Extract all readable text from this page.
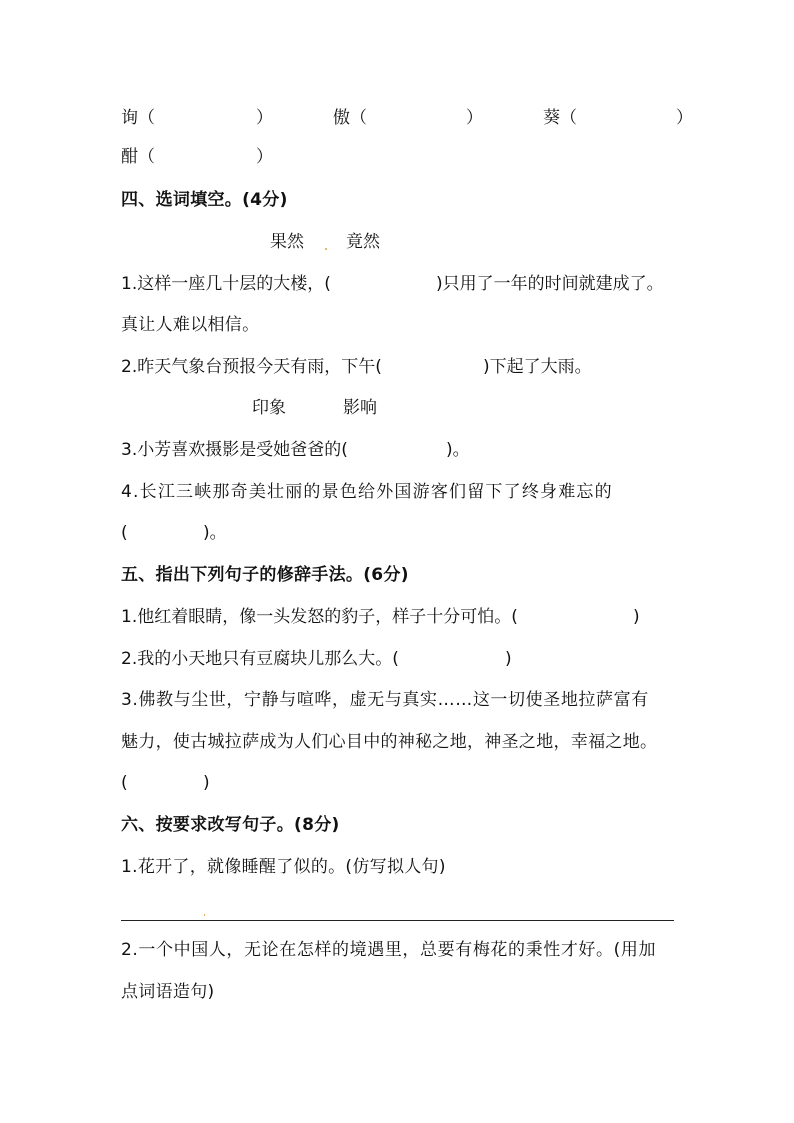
询（	）	傲（	）	葵（	）
酣（	）
四、选词填空。(4分)
果然 竟然
1.这样一座几十层的大楼，(	)只用了一年的时间就建成了。
真让人难以相信。
2.昨天气象台预报今天有雨，下午(	)下起了大雨。
印象	影响
3.小芳喜欢摄影是受她爸爸的(	)。
4.长江三峡那奇美壮丽的景色给外国游客们留下了终身难忘的
(	)。
五、指出下列句子的修辞手法。(6分)
1.他红着眼睛，像一头发怒的豹子，样子十分可怕。(	)
2.我的小天地只有豆腐块儿那么大。(	)
3.佛教与尘世，宁静与喧哗，虚无与真实……这一切使圣地拉萨富有
魅力，使古城拉萨成为人们心目中的神秘之地，神圣之地，幸福之地。
(	)
六、按要求改写句子。(8分)
1.花开了，就像睡醒了似的。(仿写拟人句)
2.一个中国人，无论在怎样的境遇里，总要有梅花的秉性才好。(用加
点词语造句)
